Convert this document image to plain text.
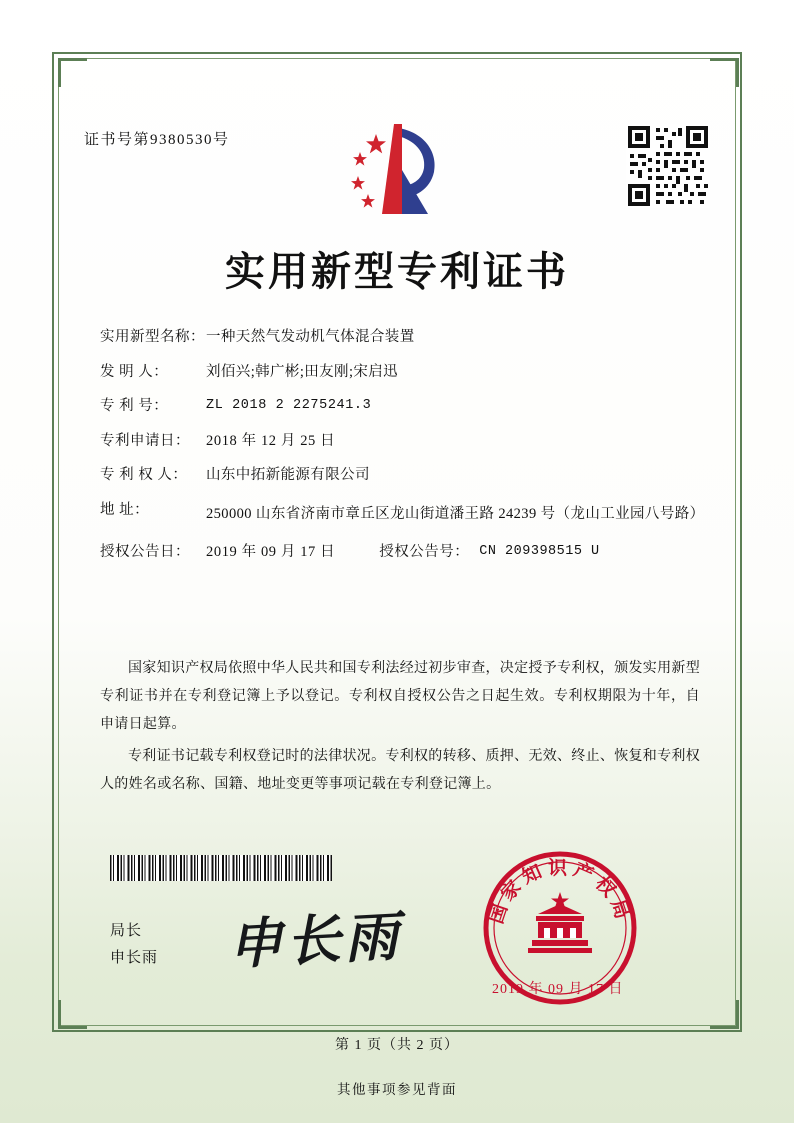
证书号第9380530号
实用新型专利证书
实用新型名称： 一种天然气发动机气体混合装置
发 明 人：	刘佰兴;韩广彬;田友刚;宋启迅
专 利 号：	ZL 2018 2 2275241.3
专利申请日：	2018 年 12 月 25 日
专 利 权 人：	山东中拓新能源有限公司
地 址：	250000 山东省济南市章丘区龙山街道潘王路 24239 号（龙山工业园八号路）
授权公告日：	2019 年 09 月 17 日	授权公告号： CN 209398515 U

国家知识产权局依照中华人民共和国专利法经过初步审查，决定授予专利权，颁发实用新型专利证书并在专利登记簿上予以登记。专利权自授权公告之日起生效。专利权期限为十年，自申请日起算。

专利证书记载专利权登记时的法律状况。专利权的转移、质押、无效、终止、恢复和专利权人的姓名或名称、国籍、地址变更等事项记载在专利登记簿上。

局长
申长雨 申长雨	国家知识产权局
2019 年 09 月 17 日
第 1 页（共 2 页）
其他事项参见背面
